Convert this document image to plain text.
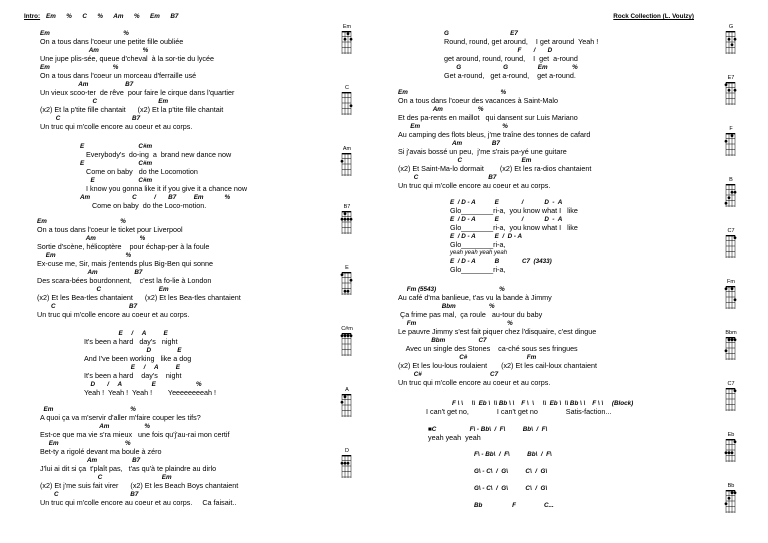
Intro: Em      %      C      %      Am      %      Em      B7	Rock Collection (L. Voulzy)
Em                                          %
On a tous dans l'coeur une petite fille oubliée
Am                         %
Une jupe plis-sée, queue d'cheval  à la sor-tie du lycée
Em                                    %
On a tous dans l'coeur un morceau d'ferraille usé
Am                     B7
Un vieux scoo-ter  de rêve  pour faire le cirque dans l'quartier
C                                   Em
(x2) Et la p'tite fille chantait      (x2) Et la p'tite fille chantait
C                                         B7
Un truc qui m'colle encore au coeur et au corps.
E                               C#m
Everybody's  do-ing  a  brand new dance now
E                               C#m
Come on baby   do the Locomotion
E                         C#m
I know you gonna like it if you give it a chance now
Am                        C          /       B7          Em            %
Come on baby  do the Loco-motion.
Em                                          %
On a tous dans l'coeur le ticket pour Liverpool
Am                         %
Sortie d'scène, hélicoptère    pour échap-per à la foule
Em                                        %
Ex-cuse me, Sir, mais j'entends plus Big-Ben qui sonne
Am                     B7
Des scara-bées bourdonnent,    c'est la fo-lie à London
C                                 Em
(x2) Et les Bea-tles chantaient      (x2) Et les Bea-tles chantaient
C                                          B7
Un truc qui m'colle encore au coeur et au corps.
E     /     A          E
It's been a hard   day's   night
D               E
And I've been working   like a dog
E     /     A          E
It's been a hard    day's    night
D       /     A                 E                       %
Yeah !  Yeah !  Yeah !        Yeeeeeeeeah !
Em                                            %
A quoi ça va m'servir d'aller m'faire couper les tifs?
Am                    %
Est-ce que ma vie s'ra mieux   une fois qu'j'au-rai mon certif
Em                                      %
Bet-ty a rigolé devant ma boule à zéro
Am                    B7
J'lui ai dit si ça  t'plaît pas,   t'as qu'à te plaindre au dirlo
C                                  Em
(x2) Et j'me suis fait virer      (x2) Et les Beach Boys chantaient
C                                         B7
Un truc qui m'colle encore au coeur et au corps.     Ca faisait..
G                                   E7
Round, round, get around,    I get around  Yeah !
F       /       D
get around, round, round,    I  get  a-round
G                        G                 Em              %
Get a-round,   get a-round,    get a-round.
Em                                                     %
On a tous dans l'coeur des vacances à Saint-Malo
Am                    %
Et des pa-rents en maillot   qui dansent sur Luis Mariano
Em                                               %
Au camping des flots bleus, j'me traîne des tonnes de cafard
Am                 B7
Si j'avais bossé un peu,  j'me s'rais pa-yé une guitare
C                                  Em
(x2) Et Saint-Ma-lo dormait        (x2) Et les ra-dios chantaient
C                                        B7
Un truc qui m'colle encore au coeur et au corps.
E  / D - A           E             /            D  -  A
Glo________ri-a,  you know what I   like
E  / D - A           E             /            D  -  A
Glo________ri-a,  you know what I   like
E  / D - A           E  /  D - A
Glo________ri-a,
yeah yeah yeah yeah
E  / D - A           B             C7  (3433)
Glo________ri-a,
Fm (5543)                                    %
Au café d'ma banlieue, t'as vu la bande à Jimmy
Bbm                   %
Ça frime pas mal,  ça roule   au-tour du baby
Fm                                                    %
Le pauvre Jimmy s'est fait piquer chez l'disquaire, c'est dingue
Bbm                   C7
Avec un single des Stones    ca-ché sous ses fringues
C#                                  Fm
(x2) Et les lou-lous roulaient       (x2) Et les cail-loux chantaient
C#                                       C7
Un truc qui m'colle encore au coeur et au corps.
F \ \     \\  Eb \  \\ Bb \ \    F \  \     \\  Eb \  \\ Bb \ \    F \ \     (Block)
I can't get no,              I can't get no              Satis-faction...
■C                   F\ - Bb\  /  F\          Bb\  /  F\
yeah yeah  yeah
F\ - Bb\  /  F\          Bb\  /  F\
G\ - C\  /  G\          C\  /  G\
G\ - C\  /  G\          C\  /  G\
Bb                 F                C...
Em
C
Am
B7
E
C#m
A
D
G
E7
F
B
C7
Fm
Bbm
C7
Eb
Bb
